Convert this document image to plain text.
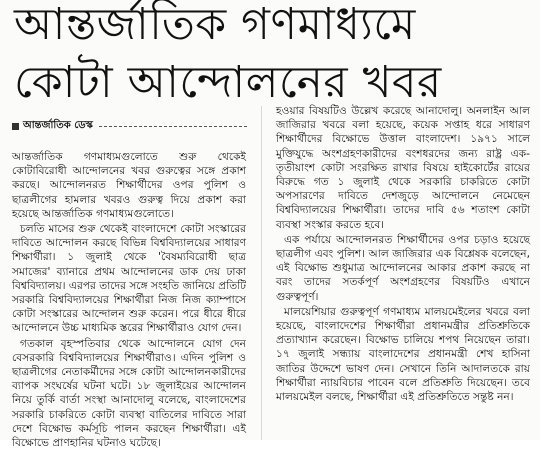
আন্তর্জাতিক গণমাধ্যমে
কোটা আন্দোলনের খবর
আন্তর্জাতিক ডেস্ক

আন্তর্জাতিক গণমাধ্যমগুলোতে শুরু থেকেই কোটাবিরোধী আন্দোলনের খবর গুরুত্বের সঙ্গে প্রকাশ করছে। আন্দোলনরত শিক্ষার্থীদের ওপর পুলিশ ও ছাত্রলীগের হামলার খবরও গুরুত্ব দিয়ে প্রকাশ করা হয়েছে আন্তর্জাতিক গণমাধ্যমগুলোতে।

চলতি মাসের শুরু থেকেই বাংলাদেশে কোটা সংস্কারের দাবিতে আন্দোলন করছে বিভিন্ন বিশ্ববিদ্যালয়ের সাধারণ শিক্ষার্থীরা। ১ জুলাই থেকে 'বৈষম্যবিরোধী ছাত্র সমাজের' ব্যানারে প্রথম আন্দোলনের ডাক দেয় ঢাকা বিশ্ববিদ্যালয়। এরপর তাদের সঙ্গে সংহতি জানিয়ে প্রতিটি সরকারি বিশ্ববিদ্যালয়ের শিক্ষার্থীরা নিজ নিজ ক্যাম্পাসে কোটা সংস্কারের আন্দোলন শুরু করেন। পরে ধীরে ধীরে আন্দোলনে উচ্চ মাধ্যমিক স্তরের শিক্ষার্থীরাও যোগ দেন।

গতকাল বৃহস্পতিবার থেকে আন্দোলনে যোগ দেন বেসরকারি বিশ্ববিদ্যালয়ের শিক্ষার্থীরাও। এদিন পুলিশ ও ছাত্রলীগের নেতাকর্মীদের সঙ্গে কোটা আন্দোলনকারীদের ব্যাপক সংঘর্ষের ঘটনা ঘটে। ১৮ জুলাইয়ের আন্দোলন নিয়ে তুর্কি বার্তা সংস্থা আনাদোলু বলেছে, বাংলাদেশের সরকারি চাকরিতে কোটা ব্যবস্থা বাতিলের দাবিতে সারা দেশে বিক্ষোভ কর্মসূচি পালন করছেন শিক্ষার্থীরা। এই বিক্ষোভে প্রাণহানির ঘটনাও ঘটেছে।

হওয়ার বিষয়টিও উল্লেখ করেছে আনাদোলু। অনলাইন আল জাজিরার খবরে বলা হয়েছে, কয়েক সপ্তাহ ধরে সাধারণ শিক্ষার্থীদের বিক্ষোভে উত্তাল বাংলাদেশ। ১৯৭১ সালে মুক্তিযুদ্ধে অংশগ্রহণকারীদের বংশধরদের জন্য রাষ্ট্র এক-তৃতীয়াংশ কোটা সংরক্ষিত রাখার বিষয়ে হাইকোর্টের রায়ের বিরুদ্ধে গত ১ জুলাই থেকে সরকারি চাকরিতে কোটা অপসারণের দাবিতে দেশজুড়ে আন্দোলনে নেমেছেন বিশ্ববিদ্যালয়ের শিক্ষার্থীরা। তাদের দাবি ৫৬ শতাংশ কোটা ব্যবস্থা সংস্কার করতে হবে।

এক পর্যায়ে আন্দোলনরত শিক্ষার্থীদের ওপর চড়াও হয়েছে ছাত্রলীগ এবং পুলিশ। আল জাজিরার এক বিশ্লেষক বলেছেন, এই বিক্ষোভ শুধুমাত্র আন্দোলনের আকার প্রকাশ করছে না বরং তাদের সতর্কপূর্ণ অংশগ্রহণের বিষয়টিও এখানে গুরুত্বপূর্ণ।

মালয়েশিয়ার গুরুত্বপূর্ণ গণমাধ্যম মালয়মেইলের খবরে বলা হয়েছে, বাংলাদেশের শিক্ষার্থীরা প্রধানমন্ত্রীর প্রতিশ্রুতিকে প্রত্যাখ্যান করেছেন। বিক্ষোভ চালিয়ে শপথ নিয়েছেন তারা। ১৭ জুলাই সন্ধ্যায় বাংলাদেশের প্রধানমন্ত্রী শেখ হাসিনা জাতির উদ্দেশে ভাষণ দেন। সেখানে তিনি আদালতকে রায় শিক্ষার্থীরা ন্যায়বিচার পাবেন বলে প্রতিশ্রুতি দিয়েছেন। তবে মালয়মেইল বলছে, শিক্ষার্থীরা এই প্রতিশ্রুতিতে সন্তুষ্ট নন।
